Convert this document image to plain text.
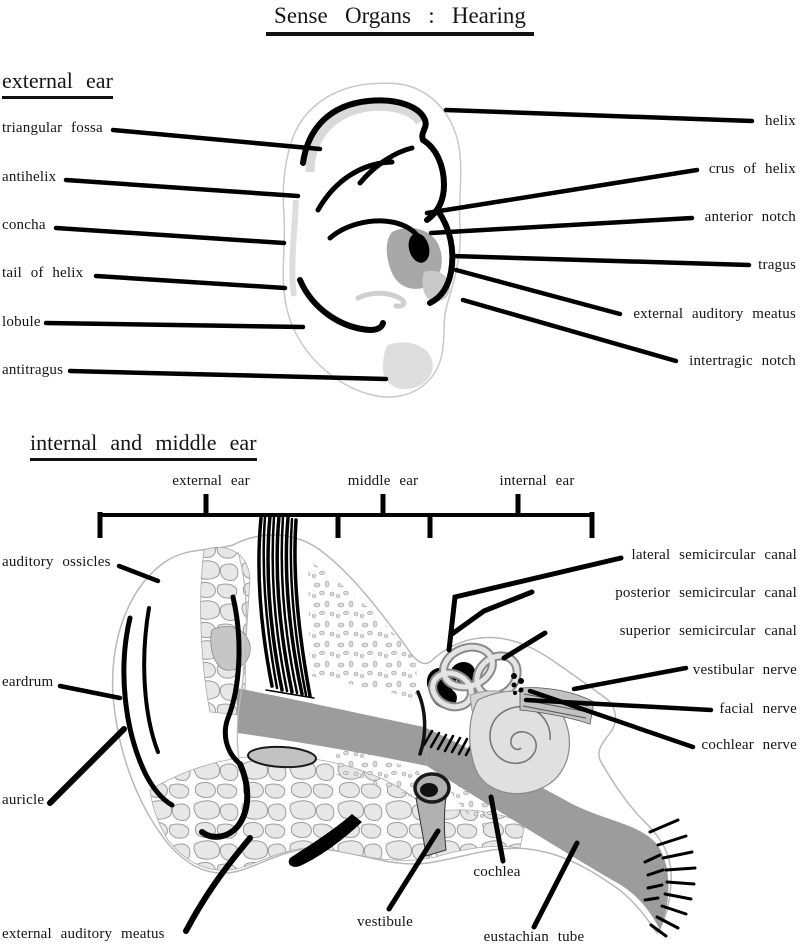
Sense Organs : Hearing
external ear
internal and middle ear
triangular fossa
antihelix
concha
tail of helix
lobule
antitragus
helix
crus of helix
anterior notch
tragus
external auditory meatus
intertragic notch
external ear	middle ear	internal ear
auditory ossicles
eardrum
auricle
external auditory meatus
lateral semicircular canal
posterior semicircular canal
superior semicircular canal
vestibular nerve
facial nerve
cochlear nerve
vestibule
cochlea
eustachian tube
